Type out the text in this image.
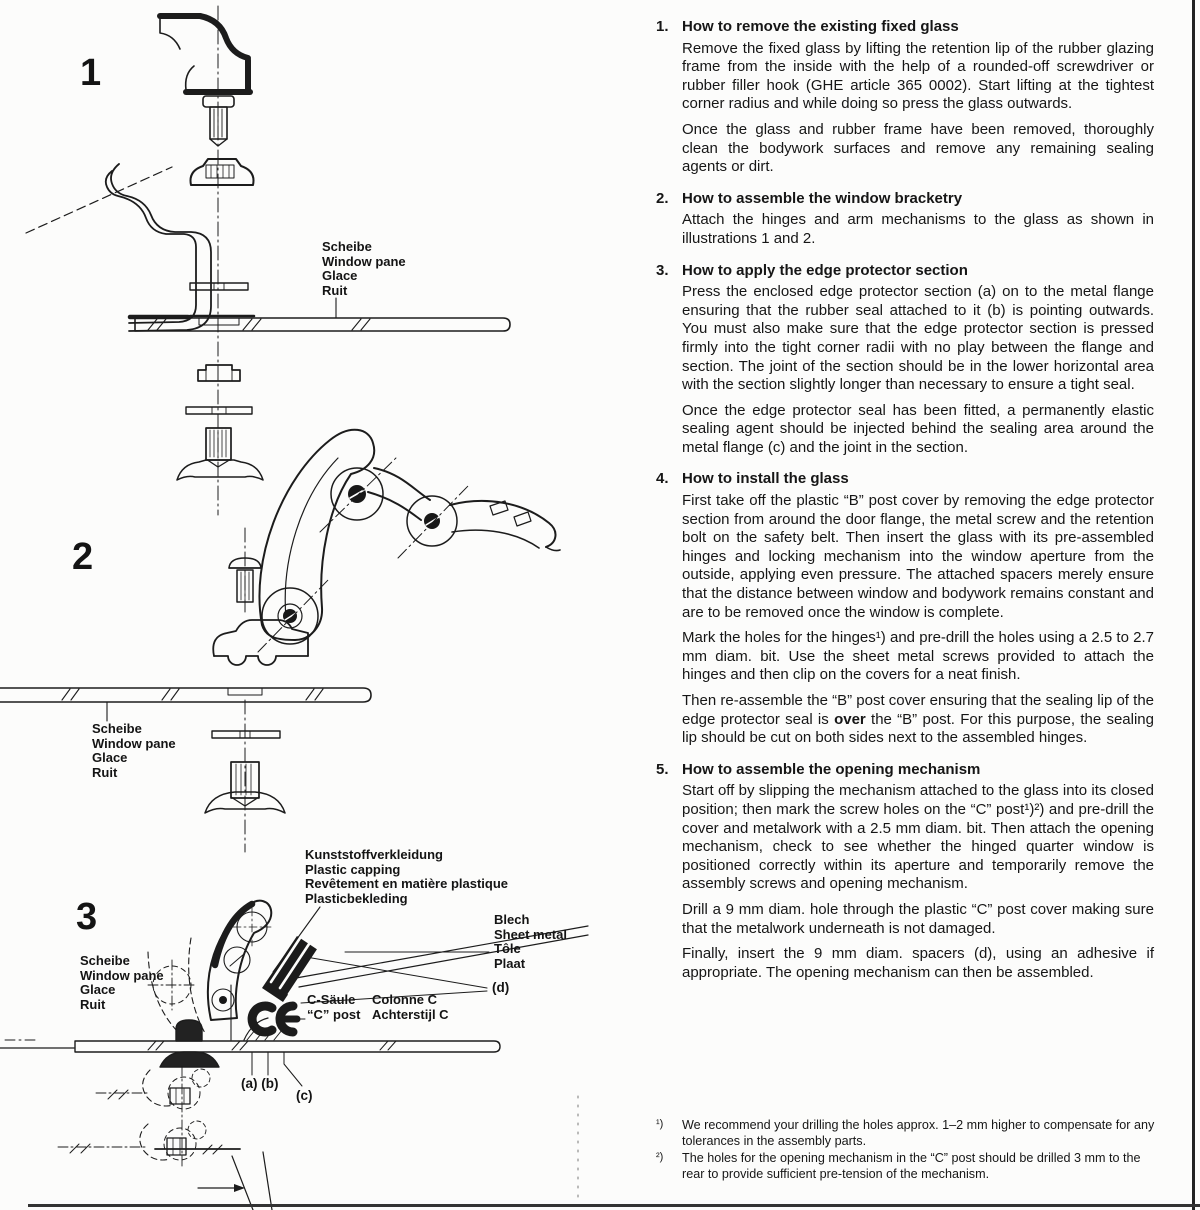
1
2
3
Scheibe
Window pane
Glace
Ruit
Scheibe
Window pane
Glace
Ruit
Kunststoffverkleidung
Plastic capping
Revêtement en matière plastique
Plasticbekleding
Blech
Sheet metal
Tôle
Plaat
(d)
C-Säule
“C” post
Colonne C
Achterstijl C
Scheibe
Window pane
Glace
Ruit
(a) (b)
(c)
1. How to remove the existing fixed glass

Remove the fixed glass by lifting the retention lip of the rubber glazing frame from the inside with the help of a rounded-off screwdriver or rubber filler hook (GHE article 365 0002). Start lifting at the tightest corner radius and while doing so press the glass outwards.

Once the glass and rubber frame have been removed, thoroughly clean the bodywork surfaces and remove any remaining sealing agents or dirt.

2. How to assemble the window bracketry

Attach the hinges and arm mechanisms to the glass as shown in illustrations 1 and 2.

3. How to apply the edge protector section

Press the enclosed edge protector section (a) on to the metal flange ensuring that the rubber seal attached to it (b) is pointing outwards. You must also make sure that the edge protector section is pressed firmly into the tight corner radii with no play between the flange and section. The joint of the section should be in the lower horizontal area with the section slightly longer than necessary to ensure a tight seal.

Once the edge protector seal has been fitted, a permanently elastic sealing agent should be injected behind the sealing area around the metal flange (c) and the joint in the section.

4. How to install the glass

First take off the plastic “B” post cover by removing the edge protector section from around the door flange, the metal screw and the retention bolt on the safety belt. Then insert the glass with its pre-assembled hinges and locking mechanism into the window aperture from the outside, applying even pressure. The attached spacers merely ensure that the distance between window and bodywork remains constant and are to be removed once the window is complete.

Mark the holes for the hinges¹) and pre-drill the holes using a 2.5 to 2.7 mm diam. bit. Use the sheet metal screws provided to attach the hinges and then clip on the covers for a neat finish.

Then re-assemble the “B” post cover ensuring that the sealing lip of the edge protector seal is over the “B” post. For this purpose, the sealing lip should be cut on both sides next to the assembled hinges.

5. How to assemble the opening mechanism

Start off by slipping the mechanism attached to the glass into its closed position; then mark the screw holes on the “C” post¹)²) and pre-drill the cover and metalwork with a 2.5 mm diam. bit. Then attach the opening mechanism, check to see whether the hinged quarter window is positioned correctly within its aperture and temporarily remove the assembly screws and opening mechanism.

Drill a 9 mm diam. hole through the plastic “C” post cover making sure that the metalwork underneath is not damaged.

Finally, insert the 9 mm diam. spacers (d), using an adhesive if appropriate. The opening mechanism can then be assembled.

¹)	We recommend your drilling the holes approx. 1–2 mm higher to compensate for any tolerances in the assembly parts.
²)	The holes for the opening mechanism in the “C” post should be drilled 3 mm to the rear to provide sufficient pre-tension of the mechanism.
